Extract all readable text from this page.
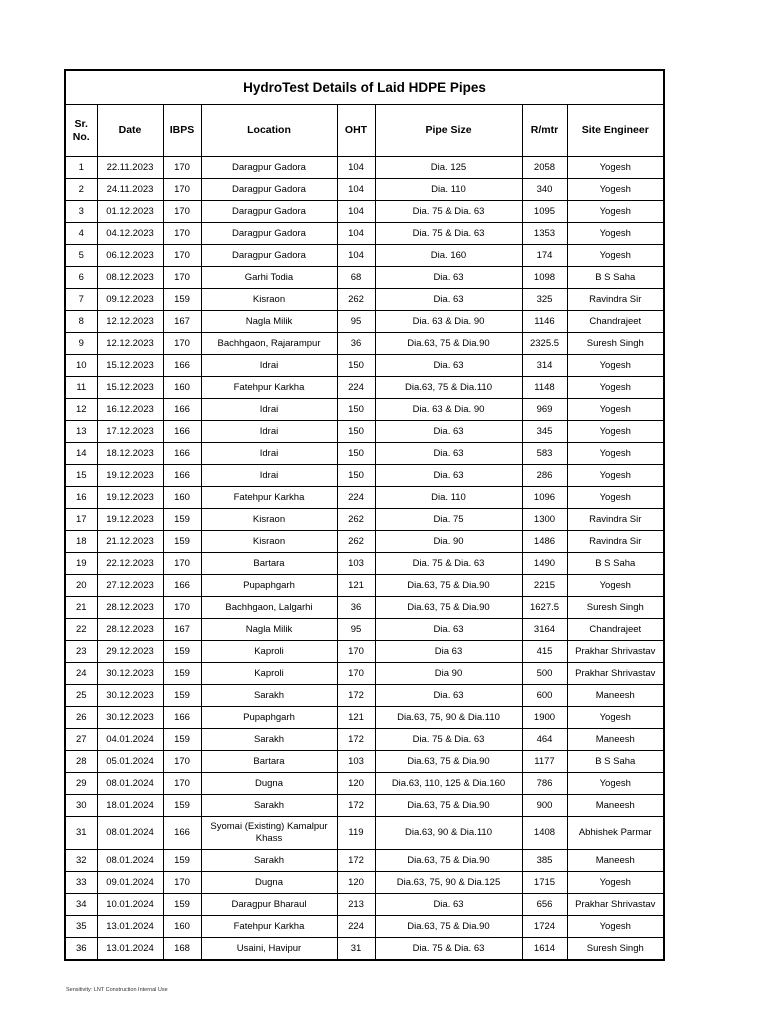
HydroTest Details of Laid HDPE Pipes							
Sr. No.	Date	IBPS	Location	OHT	Pipe Size	R/mtr	Site Engineer
1	22.11.2023	170	Daragpur Gadora	104	Dia. 125	2058	Yogesh
2	24.11.2023	170	Daragpur Gadora	104	Dia. 110	340	Yogesh
3	01.12.2023	170	Daragpur Gadora	104	Dia. 75 & Dia. 63	1095	Yogesh
4	04.12.2023	170	Daragpur Gadora	104	Dia. 75 & Dia. 63	1353	Yogesh
5	06.12.2023	170	Daragpur Gadora	104	Dia. 160	174	Yogesh
6	08.12.2023	170	Garhi Todia	68	Dia. 63	1098	B S Saha
7	09.12.2023	159	Kisraon	262	Dia. 63	325	Ravindra Sir
8	12.12.2023	167	Nagla Milik	95	Dia. 63 & Dia. 90	1146	Chandrajeet
9	12.12.2023	170	Bachhgaon, Rajarampur	36	Dia.63, 75 & Dia.90	2325.5	Suresh Singh
10	15.12.2023	166	Idrai	150	Dia. 63	314	Yogesh
11	15.12.2023	160	Fatehpur Karkha	224	Dia.63, 75 & Dia.110	1148	Yogesh
12	16.12.2023	166	Idrai	150	Dia. 63 & Dia. 90	969	Yogesh
13	17.12.2023	166	Idrai	150	Dia. 63	345	Yogesh
14	18.12.2023	166	Idrai	150	Dia. 63	583	Yogesh
15	19.12.2023	166	Idrai	150	Dia. 63	286	Yogesh
16	19.12.2023	160	Fatehpur Karkha	224	Dia. 110	1096	Yogesh
17	19.12.2023	159	Kisraon	262	Dia. 75	1300	Ravindra Sir
18	21.12.2023	159	Kisraon	262	Dia. 90	1486	Ravindra Sir
19	22.12.2023	170	Bartara	103	Dia. 75 & Dia. 63	1490	B S Saha
20	27.12.2023	166	Pupaphgarh	121	Dia.63, 75 & Dia.90	2215	Yogesh
21	28.12.2023	170	Bachhgaon, Lalgarhi	36	Dia.63, 75 & Dia.90	1627.5	Suresh Singh
22	28.12.2023	167	Nagla Milik	95	Dia. 63	3164	Chandrajeet
23	29.12.2023	159	Kaproli	170	Dia 63	415	Prakhar Shrivastav
24	30.12.2023	159	Kaproli	170	Dia 90	500	Prakhar Shrivastav
25	30.12.2023	159	Sarakh	172	Dia. 63	600	Maneesh
26	30.12.2023	166	Pupaphgarh	121	Dia.63, 75, 90 & Dia.110	1900	Yogesh
27	04.01.2024	159	Sarakh	172	Dia. 75 & Dia. 63	464	Maneesh
28	05.01.2024	170	Bartara	103	Dia.63, 75 & Dia.90	1177	B S Saha
29	08.01.2024	170	Dugna	120	Dia.63, 110, 125 & Dia.160	786	Yogesh
30	18.01.2024	159	Sarakh	172	Dia.63, 75 & Dia.90	900	Maneesh
31	08.01.2024	166	Syomai (Existing) Kamalpur Khass	119	Dia.63, 90 & Dia.110	1408	Abhishek Parmar
32	08.01.2024	159	Sarakh	172	Dia.63, 75 & Dia.90	385	Maneesh
33	09.01.2024	170	Dugna	120	Dia.63, 75, 90 & Dia.125	1715	Yogesh
34	10.01.2024	159	Daragpur Bharaul	213	Dia. 63	656	Prakhar Shrivastav
35	13.01.2024	160	Fatehpur Karkha	224	Dia.63, 75 & Dia.90	1724	Yogesh
36	13.01.2024	168	Usaini, Havipur	31	Dia. 75 & Dia. 63	1614	Suresh Singh
Sensitivity: LNT Construction Internal Use
